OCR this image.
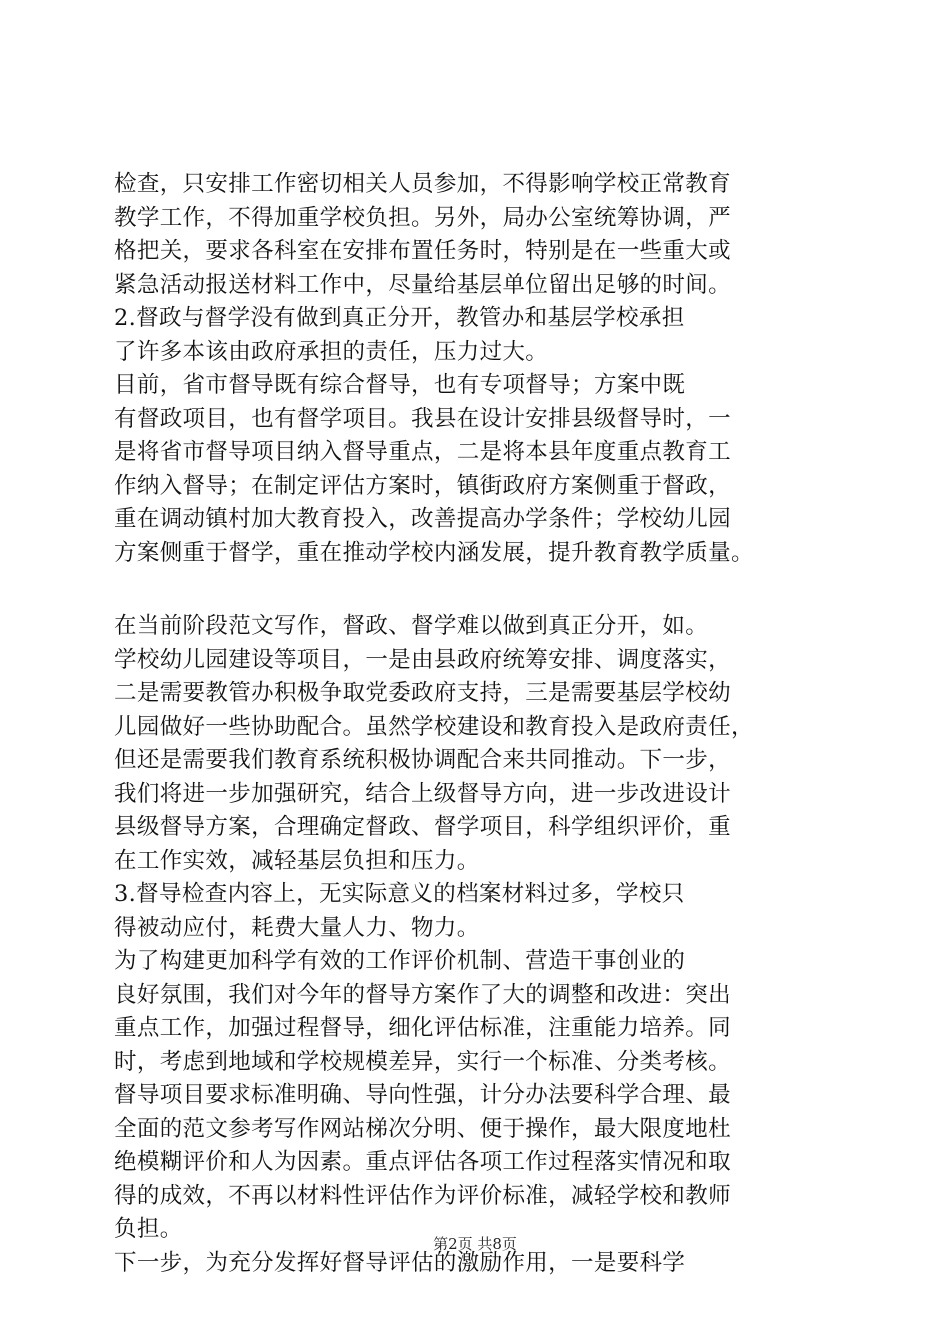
检查，只安排工作密切相关人员参加，不得影响学校正常教育
教学工作，不得加重学校负担。另外，局办公室统筹协调，严
格把关，要求各科室在安排布置任务时，特别是在一些重大或
紧急活动报送材料工作中，尽量给基层单位留出足够的时间。
2.督政与督学没有做到真正分开，教管办和基层学校承担
了许多本该由政府承担的责任，压力过大。
目前，省市督导既有综合督导，也有专项督导；方案中既
有督政项目，也有督学项目。我县在设计安排县级督导时，一
是将省市督导项目纳入督导重点，二是将本县年度重点教育工
作纳入督导；在制定评估方案时，镇街政府方案侧重于督政，
重在调动镇村加大教育投入，改善提高办学条件；学校幼儿园
方案侧重于督学，重在推动学校内涵发展，提升教育教学质量。
在当前阶段范文写作，督政、督学难以做到真正分开，如。
学校幼儿园建设等项目，一是由县政府统筹安排、调度落实，
二是需要教管办积极争取党委政府支持，三是需要基层学校幼
儿园做好一些协助配合。虽然学校建设和教育投入是政府责任，
但还是需要我们教育系统积极协调配合来共同推动。下一步，
我们将进一步加强研究，结合上级督导方向，进一步改进设计
县级督导方案，合理确定督政、督学项目，科学组织评价，重
在工作实效，减轻基层负担和压力。
3.督导检查内容上，无实际意义的档案材料过多，学校只
得被动应付，耗费大量人力、物力。
为了构建更加科学有效的工作评价机制、营造干事创业的
良好氛围，我们对今年的督导方案作了大的调整和改进：突出
重点工作，加强过程督导，细化评估标准，注重能力培养。同
时，考虑到地域和学校规模差异，实行一个标准、分类考核。
督导项目要求标准明确、导向性强，计分办法要科学合理、最
全面的范文参考写作网站梯次分明、便于操作，最大限度地杜
绝模糊评价和人为因素。重点评估各项工作过程落实情况和取
得的成效，不再以材料性评估作为评价标准，减轻学校和教师
负担。
下一步，为充分发挥好督导评估的激励作用，一是要科学
第2页 共8页
